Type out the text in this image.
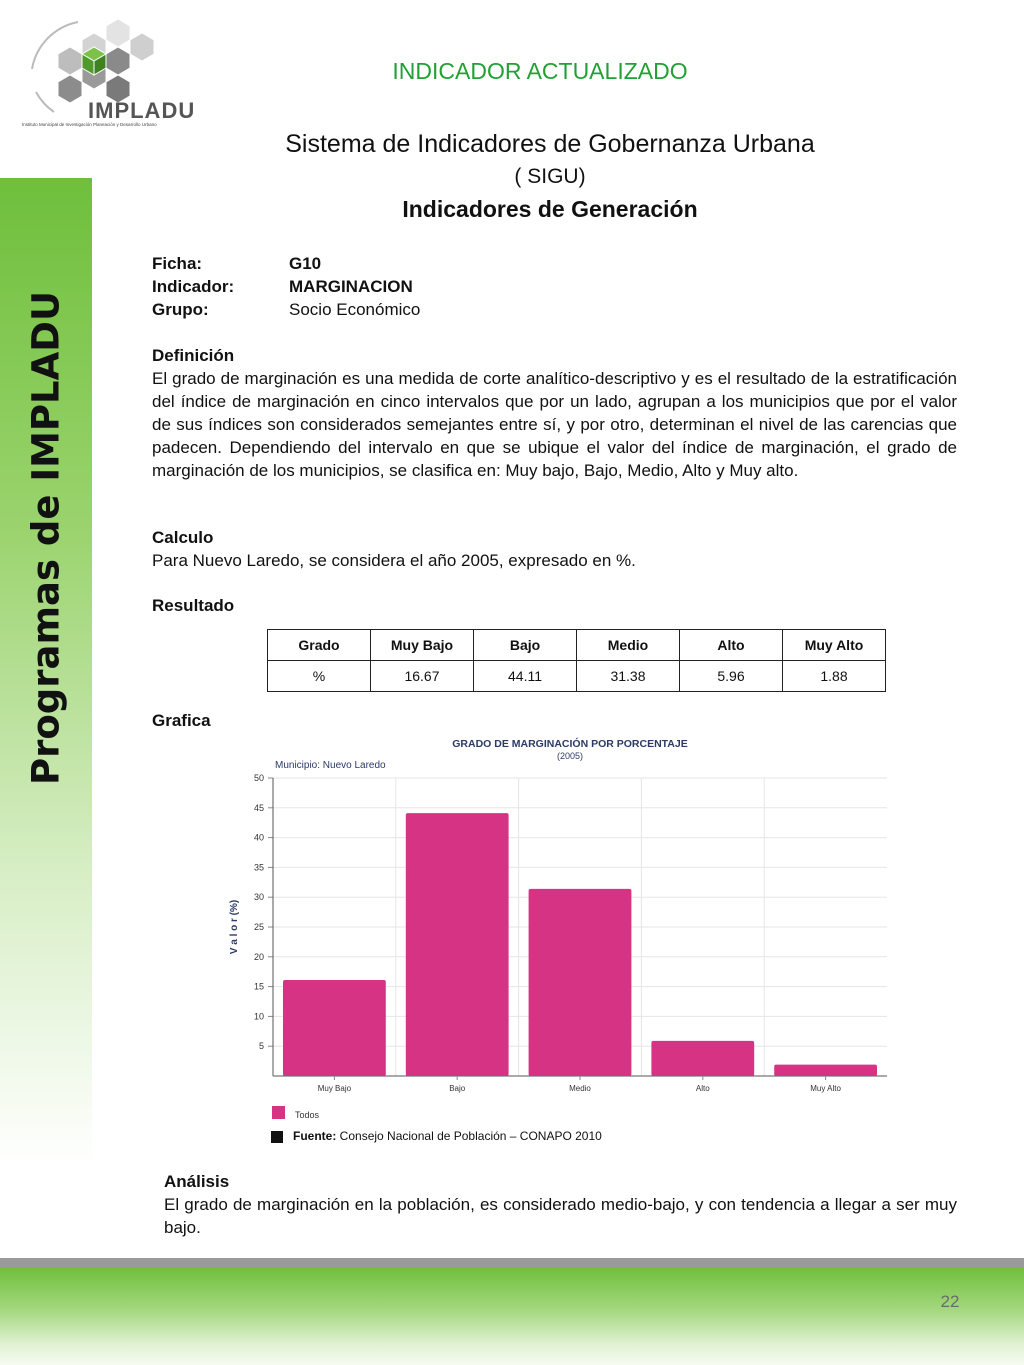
Programas de IMPLADU
IMPLADU
Instituto Municipal de Investigación Planeación y Desarrollo Urbano
INDICADOR ACTUALIZADO
Sistema de Indicadores de Gobernanza Urbana
( SIGU)
Indicadores de Generación
Ficha:	G10
Indicador:	MARGINACION
Grupo:	Socio Económico
Definición
El grado de marginación es una medida de corte analítico-descriptivo y es el resultado de la estratificación del índice de marginación en cinco intervalos que por un lado, agrupan a los municipios que por el valor de sus índices son considerados semejantes entre sí, y por otro, determinan el nivel de las carencias que padecen. Dependiendo del intervalo en que se ubique el valor del índice de marginación, el grado de marginación de los municipios, se clasifica en: Muy bajo, Bajo, Medio, Alto y Muy alto.
Calculo
Para Nuevo Laredo, se considera el año 2005, expresado en %.
Resultado
Grado	Muy Bajo	Bajo	Medio	Alto	Muy Alto
%	16.67	44.11	31.38	5.96	1.88
Grafica
GRADO DE MARGINACIÓN POR PORCENTAJE
(2005)
Municipio: Nuevo Laredo
5
10
15
20
25
30
35
40
45
50
V a l o r (%)
Muy Bajo	Bajo	Medio	Alto	Muy Alto
Todos
Fuente: Consejo Nacional de Población – CONAPO 2010
Análisis
El grado de marginación en la población, es considerado medio-bajo, y con tendencia a llegar a ser muy bajo.
22
